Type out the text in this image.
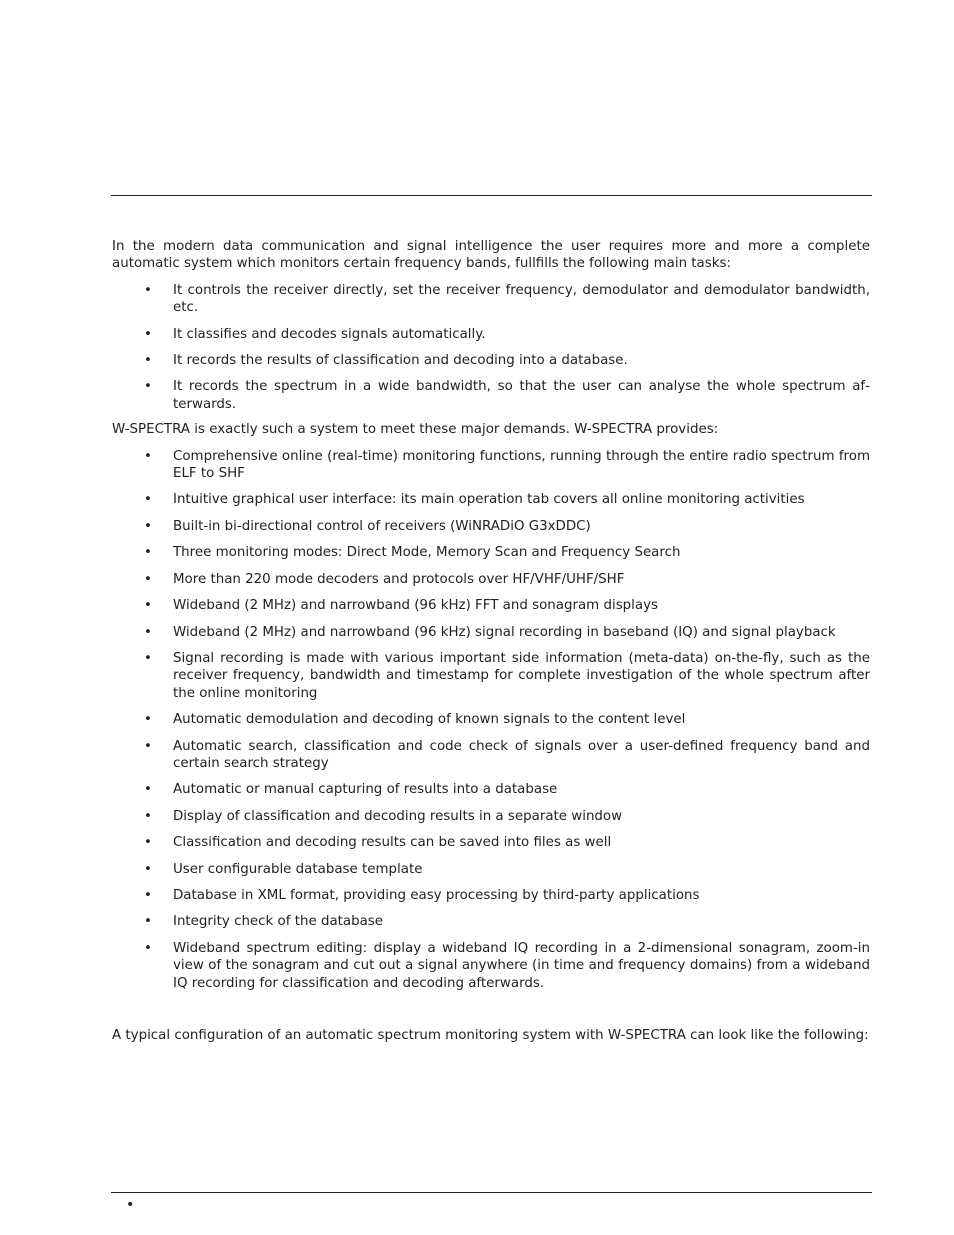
In the modern data communication and signal intelligence the user requires more and more a complete automatic system which monitors certain frequency bands, fullfills the following main tasks:

• It controls the receiver directly, set the receiver frequency, demodulator and demodulator bandwidth, etc.
• It classifies and decodes signals automatically.
• It records the results of classification and decoding into a database.
• It records the spectrum in a wide bandwidth, so that the user can analyse the whole spectrum afterwards.

W-SPECTRA is exactly such a system to meet these major demands. W-SPECTRA provides:

• Comprehensive online (real-time) monitoring functions, running through the entire radio spectrum from ELF to SHF
• Intuitive graphical user interface: its main operation tab covers all online monitoring activities
• Built-in bi-directional control of receivers (WiNRADiO G3xDDC)
• Three monitoring modes: Direct Mode, Memory Scan and Frequency Search
• More than 220 mode decoders and protocols over HF/VHF/UHF/SHF
• Wideband (2 MHz) and narrowband (96 kHz) FFT and sonagram displays
• Wideband (2 MHz) and narrowband (96 kHz) signal recording in baseband (IQ) and signal playback
• Signal recording is made with various important side information (meta-data) on-the-fly, such as the receiver frequency, bandwidth and timestamp for complete investigation of the whole spectrum after the online monitoring
• Automatic demodulation and decoding of known signals to the content level
• Automatic search, classification and code check of signals over a user-defined frequency band and certain search strategy
• Automatic or manual capturing of results into a database
• Display of classification and decoding results in a separate window
• Classification and decoding results can be saved into files as well
• User configurable database template
• Database in XML format, providing easy processing by third-party applications
• Integrity check of the database
• Wideband spectrum editing: display a wideband IQ recording in a 2-dimensional sonagram, zoom-in view of the sonagram and cut out a signal anywhere (in time and frequency domains) from a wideband IQ recording for classification and decoding afterwards.

A typical configuration of an automatic spectrum monitoring system with W-SPECTRA can look like the following:

•
